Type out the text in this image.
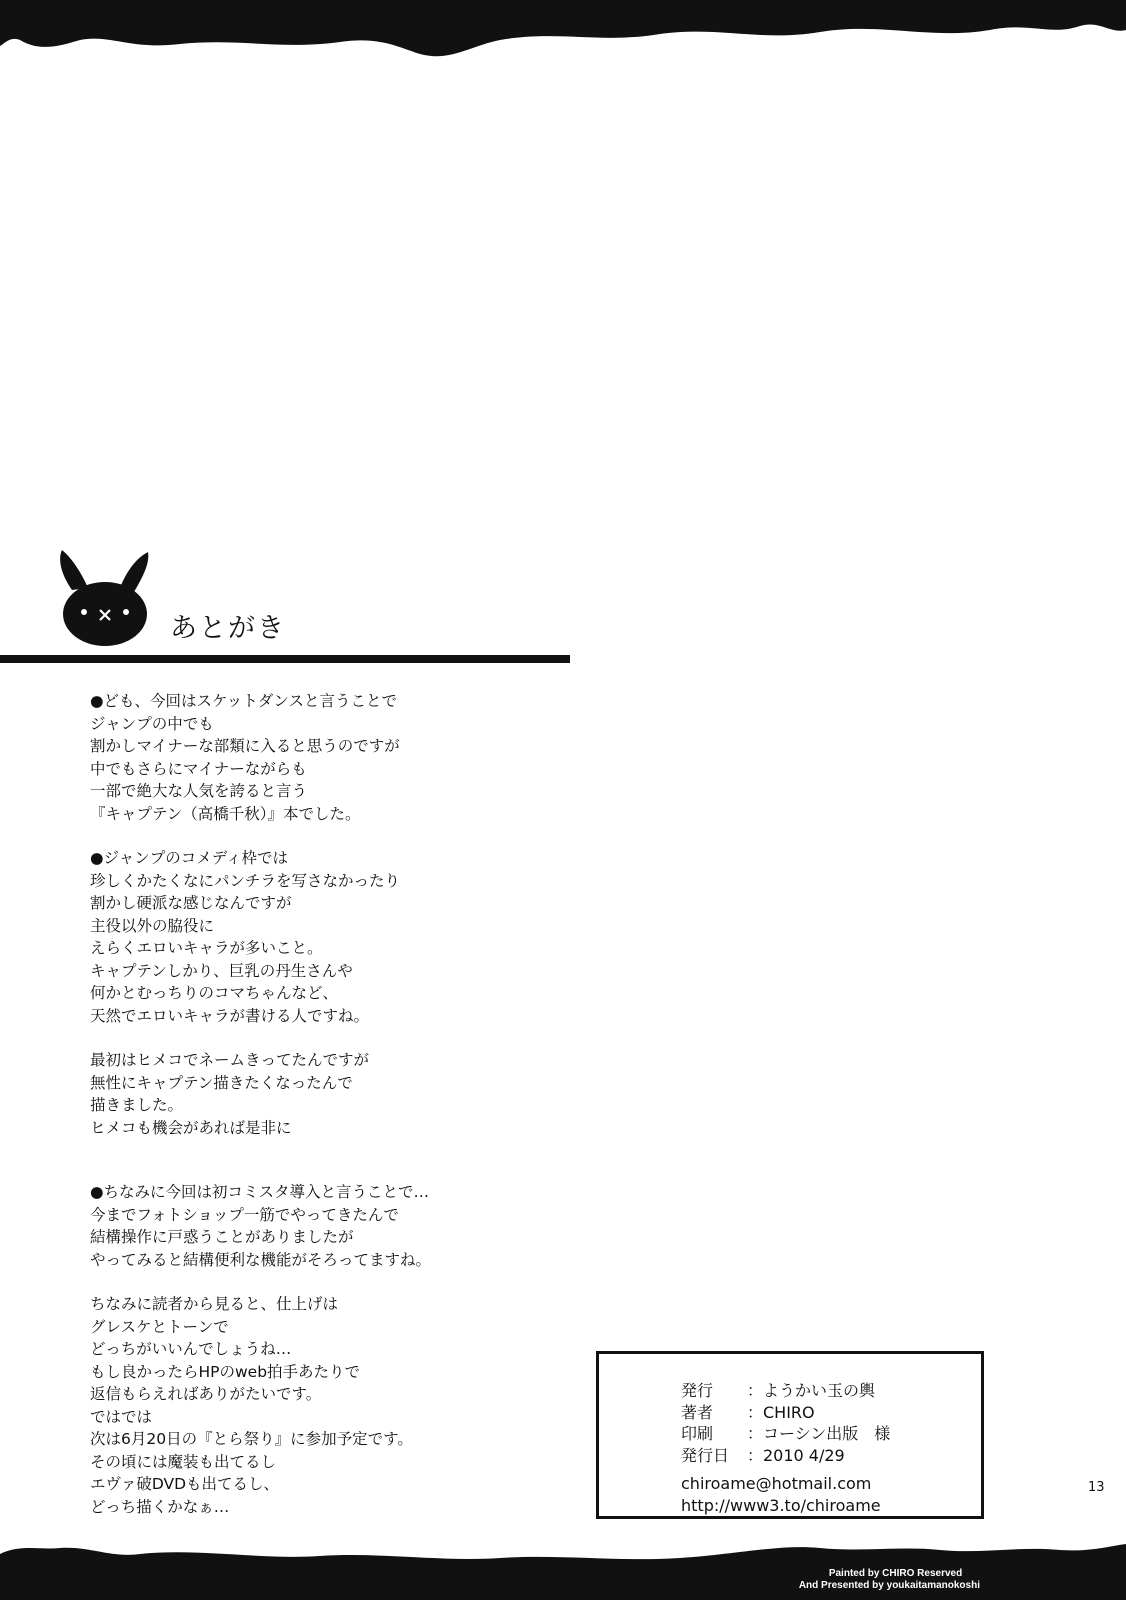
あとがき
●ども、今回はスケットダンスと言うことで
ジャンプの中でも
割かしマイナーな部類に入ると思うのですが
中でもさらにマイナーながらも
一部で絶大な人気を誇ると言う
『キャプテン（高橋千秋）』本でした。
●ジャンプのコメディ枠では
珍しくかたくなにパンチラを写さなかったり
割かし硬派な感じなんですが
主役以外の脇役に
えらくエロいキャラが多いこと。
キャプテンしかり、巨乳の丹生さんや
何かとむっちりのコマちゃんなど、
天然でエロいキャラが書ける人ですね。
最初はヒメコでネームきってたんですが
無性にキャプテン描きたくなったんで
描きました。
ヒメコも機会があれば是非に
●ちなみに今回は初コミスタ導入と言うことで…
今までフォトショップ一筋でやってきたんで
結構操作に戸惑うことがありましたが
やってみると結構便利な機能がそろってますね。
ちなみに読者から見ると、仕上げは
グレスケとトーンで
どっちがいいんでしょうね…
もし良かったらHPのweb拍手あたりで
返信もらえればありがたいです。
ではでは
次は6月20日の『とら祭り』に参加予定です。
その頃には魔装も出てるし
エヴァ破DVDも出てるし、
どっち描くかなぁ…
発行	：ようかい玉の輿
著者	：CHIRO
印刷	：コーシン出版　様
発行日	：2010 4/29
chiroame@hotmail.com
http://www3.to/chiroame
13
Painted by CHIRO Reserved
And Presented by youkaitamanokoshi
